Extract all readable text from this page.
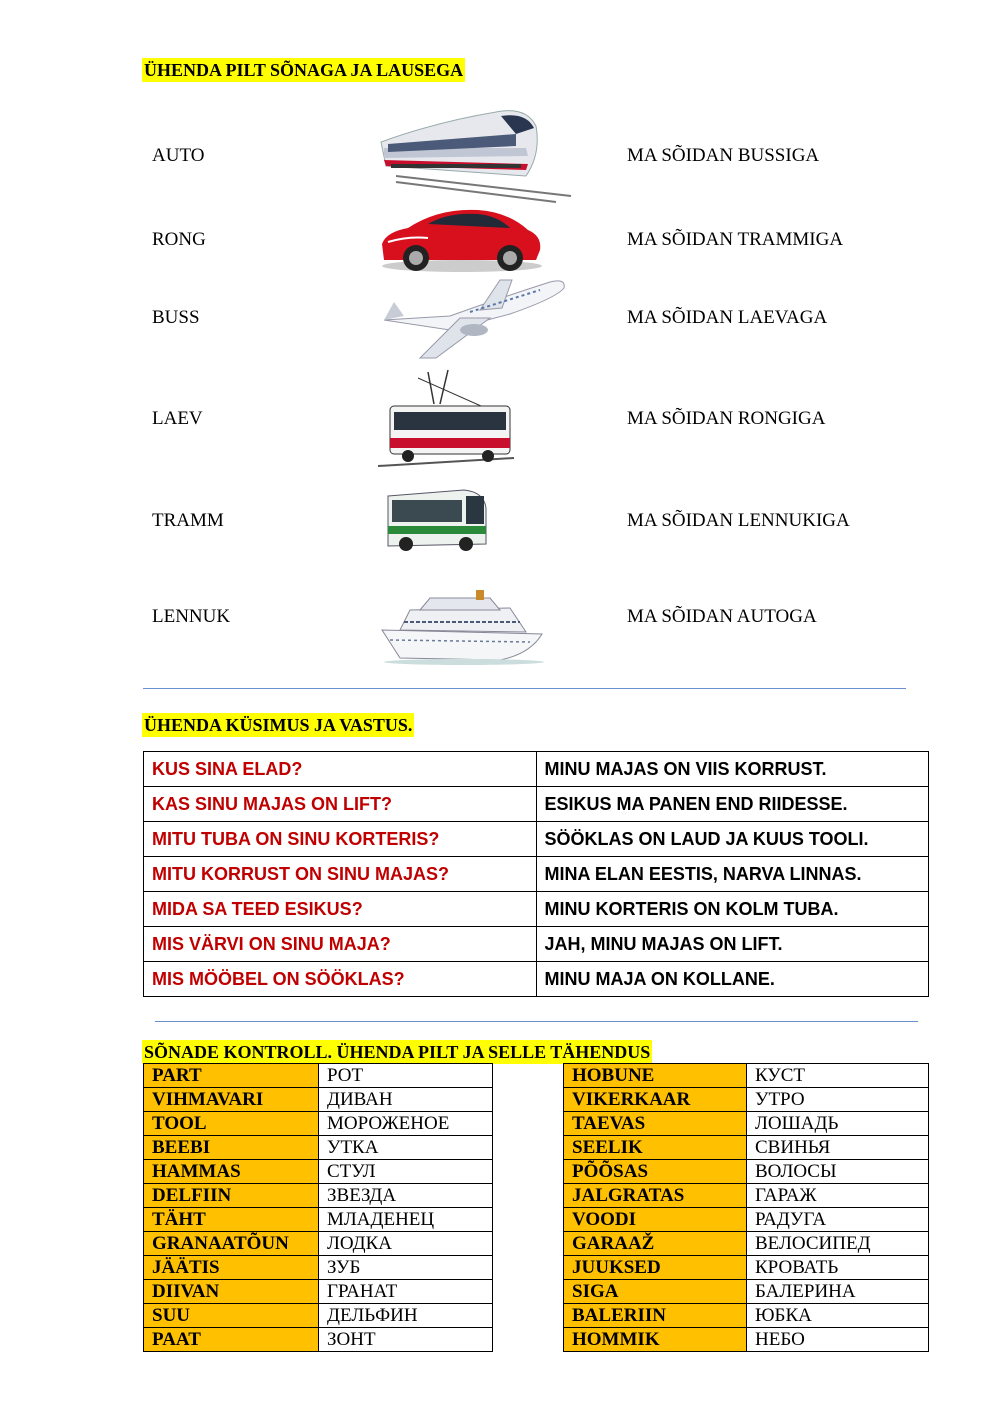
ÜHENDA PILT SÕNAGA JA LAUSEGA
AUTO
RONG
BUSS
LAEV
TRAMM
LENNUK
MA SÕIDAN BUSSIGA
MA SÕIDAN TRAMMIGA
MA SÕIDAN LAEVAGA
MA SÕIDAN RONGIGA
MA SÕIDAN LENNUKIGA
MA SÕIDAN AUTOGA
ÜHENDA KÜSIMUS JA VASTUS.
KUS SINA ELAD?	MINU MAJAS ON VIIS KORRUST.
KAS SINU MAJAS ON LIFT?	ESIKUS MA PANEN END RIIDESSE.
MITU TUBA ON SINU KORTERIS?	SÖÖKLAS ON LAUD JA KUUS TOOLI.
MITU KORRUST ON SINU MAJAS?	MINA ELAN EESTIS, NARVA LINNAS.
MIDA SA TEED ESIKUS?	MINU KORTERIS ON KOLM TUBA.
MIS VÄRVI ON SINU MAJA?	JAH, MINU MAJAS ON LIFT.
MIS MÖÖBEL ON SÖÖKLAS?	MINU MAJA ON KOLLANE.
SÕNADE KONTROLL. ÜHENDA PILT JA SELLE TÄHENDUS
PART	РОТ
VIHMAVARI	ДИВАН
TOOL	МОРОЖЕНОЕ
BEEBI	УТКА
HAMMAS	СТУЛ
DELFIIN	ЗВЕЗДА
TÄHT	МЛАДЕНЕЦ
GRANAATÕUN	ЛОДКА
JÄÄTIS	ЗУБ
DIIVAN	ГРАНАТ
SUU	ДЕЛЬФИН
PAAT	ЗОНТ
HOBUNE	КУСТ
VIKERKAAR	УТРО
TAEVAS	ЛОШАДЬ
SEELIK	СВИНЬЯ
PÕÕSAS	ВОЛОСЫ
JALGRATAS	ГАРАЖ
VOODI	РАДУГА
GARAAŽ	ВЕЛОСИПЕД
JUUKSED	КРОВАТЬ
SIGA	БАЛЕРИНА
BALERIIN	ЮБКА
HOMMIK	НЕБО
